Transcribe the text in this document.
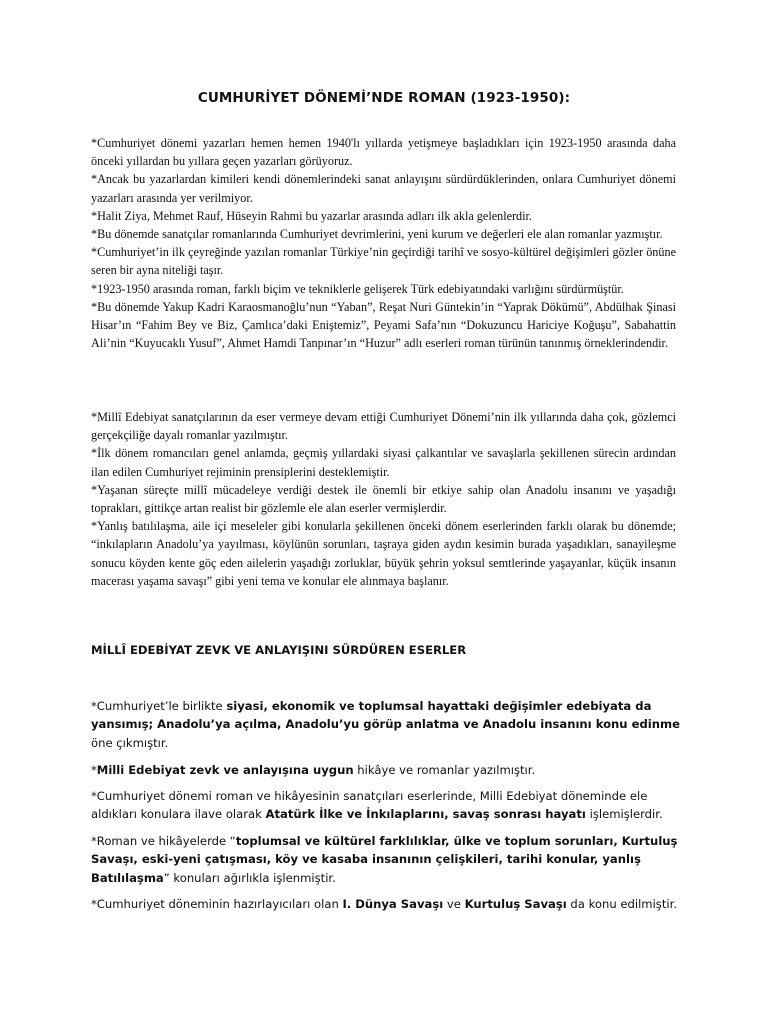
CUMHURİYET DÖNEMİ’NDE ROMAN (1923-1950):

*Cumhuriyet dönemi yazarları hemen hemen 1940'lı yıllarda yetişmeye başladıkları için 1923-1950 arasında daha önceki yıllardan bu yıllara geçen yazarları görüyoruz.

*Ancak bu yazarlardan kimileri kendi dönemlerindeki sanat anlayışını sürdürdüklerinden, onlara Cumhuriyet dönemi yazarları arasında yer verilmiyor.

*Halit Ziya, Mehmet Rauf, Hüseyin Rahmi bu yazarlar arasında adları ilk akla gelenlerdir.

*Bu dönemde sanatçılar romanlarında Cumhuriyet devrimlerini, yeni kurum ve değerleri ele alan romanlar yazmıştır.

*Cumhuriyet’in ilk çeyreğinde yazılan romanlar Türkiye’nin geçirdiği tarihî ve sosyo-kültürel değişimleri gözler önüne seren bir ayna niteliği taşır.

*1923-1950 arasında roman, farklı biçim ve tekniklerle gelişerek Türk edebiyatındaki varlığını sürdürmüştür.

*Bu dönemde Yakup Kadri Karaosmanoğlu’nun “Yaban”, Reşat Nuri Güntekin’in “Yaprak Dökümü”, Abdülhak Şinasi Hisar’ın “Fahim Bey ve Biz, Çamlıca’daki Eniştemiz”, Peyami Safa’nın “Dokuzuncu Hariciye Koğuşu”, Sabahattin Ali’nin “Kuyucaklı Yusuf”, Ahmet Hamdi Tanpınar’ın “Huzur” adlı eserleri roman türünün tanınmış örneklerindendir.

*Millî Edebiyat sanatçılarının da eser vermeye devam ettiği Cumhuriyet Dönemi’nin ilk yıllarında daha çok, gözlemci gerçekçiliğe dayalı romanlar yazılmıştır.

*İlk dönem romancıları genel anlamda, geçmiş yıllardaki siyasi çalkantılar ve savaşlarla şekillenen sürecin ardından ilan edilen Cumhuriyet rejiminin prensiplerini desteklemiştir.

*Yaşanan süreçte millî mücadeleye verdiği destek ile önemli bir etkiye sahip olan Anadolu insanını ve yaşadığı toprakları, gittikçe artan realist bir gözlemle ele alan eserler vermişlerdir.

*Yanlış batılılaşma, aile içi meseleler gibi konularla şekillenen önceki dönem eserlerinden farklı olarak bu dönemde; “inkılapların Anadolu’ya yayılması, köylünün sorunları, taşraya giden aydın kesimin burada yaşadıkları, sanayileşme sonucu köyden kente göç eden ailelerin yaşadığı zorluklar, büyük şehrin yoksul semtlerinde yaşayanlar, küçük insanın macerası yaşama savaşı” gibi yeni tema ve konular ele alınmaya başlanır.

MİLLÎ EDEBİYAT ZEVK VE ANLAYIŞINI SÜRDÜREN ESERLER

*Cumhuriyet’le birlikte siyasi, ekonomik ve toplumsal hayattaki değişimler edebiyata da yansımış; Anadolu’ya açılma, Anadolu’yu görüp anlatma ve Anadolu insanını konu edinme öne çıkmıştır.

*Milli Edebiyat zevk ve anlayışına uygun hikâye ve romanlar yazılmıştır.

*Cumhuriyet dönemi roman ve hikâyesinin sanatçıları eserlerinde, Milli Edebiyat döneminde ele aldıkları konulara ilave olarak Atatürk İlke ve İnkılaplarını, savaş sonrası hayatı işlemişlerdir.

*Roman ve hikâyelerde “toplumsal ve kültürel farklılıklar, ülke ve toplum sorunları, Kurtuluş Savaşı, eski-yeni çatışması, köy ve kasaba insanının çelişkileri, tarihi konular, yanlış Batılılaşma” konuları ağırlıkla işlenmiştir.

*Cumhuriyet döneminin hazırlayıcıları olan I. Dünya Savaşı ve Kurtuluş Savaşı da konu edilmiştir.
